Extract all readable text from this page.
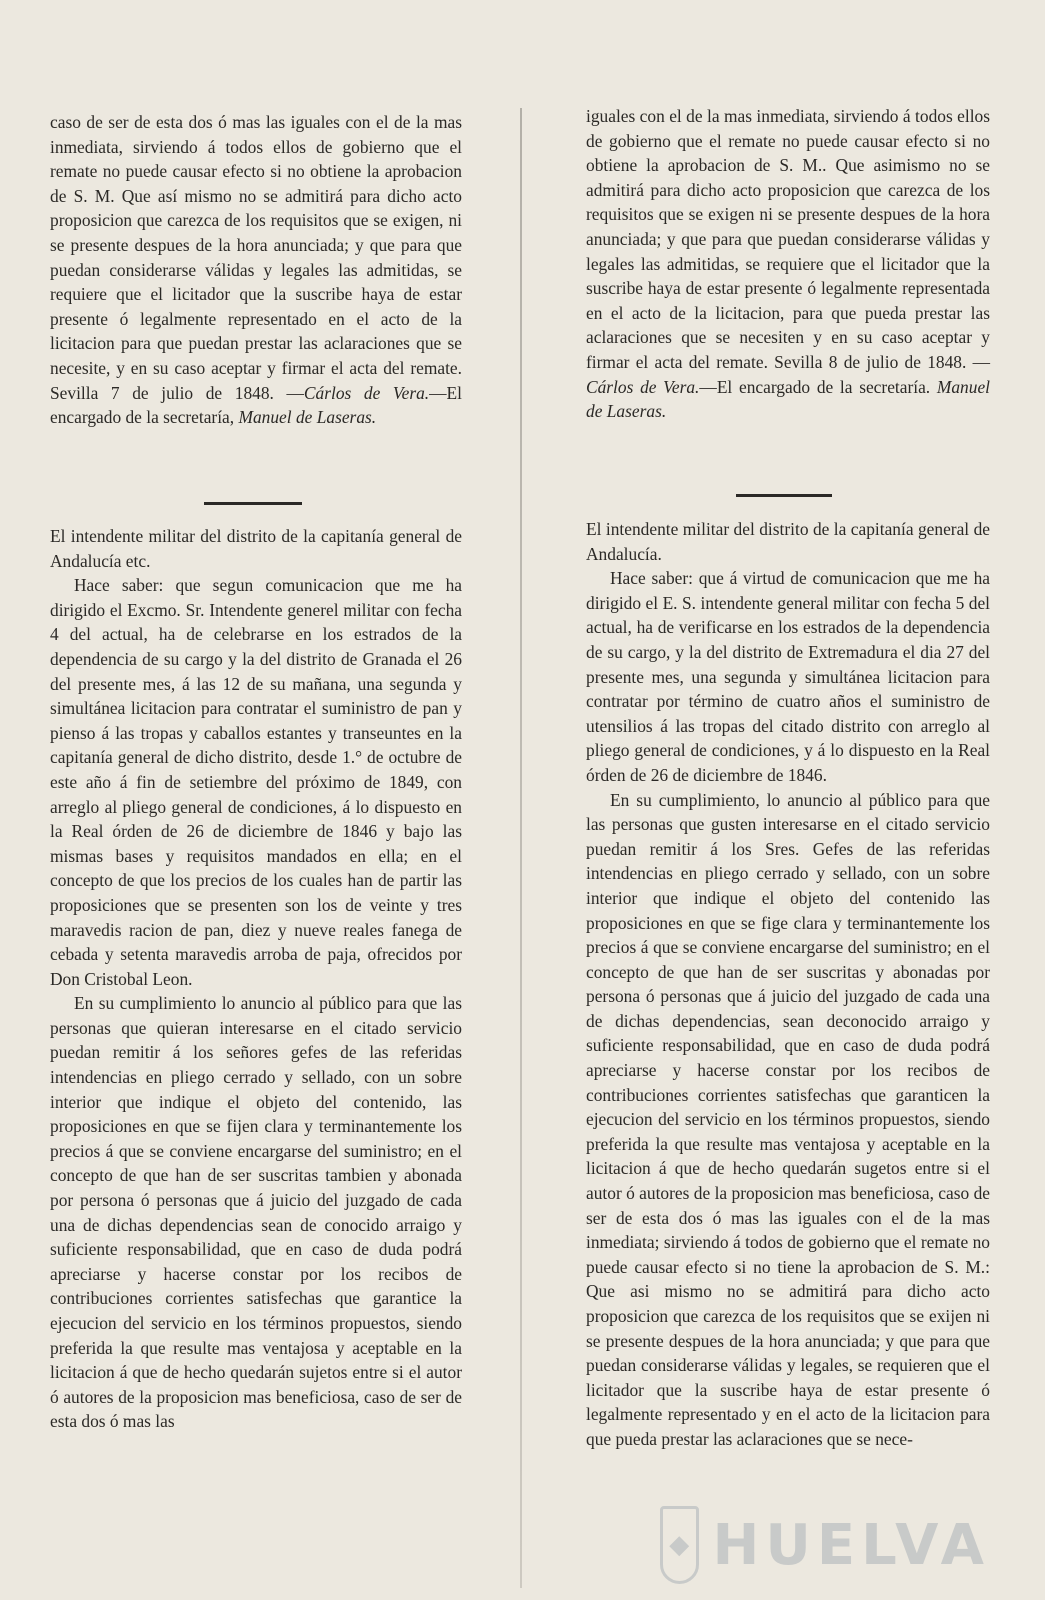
caso de ser de esta dos ó mas las iguales con el de la mas inmediata, sirviendo á todos ellos de gobierno que el remate no puede causar efecto si no obtiene la aprobacion de S. M. Que así mismo no se admitirá para dicho acto proposicion que carezca de los requisitos que se exigen, ni se presente despues de la hora anunciada; y que para que puedan considerarse válidas y legales las admitidas, se requiere que el licitador que la suscribe haya de estar presente ó legalmente representado en el acto de la licitacion para que puedan prestar las aclaraciones que se necesite, y en su caso aceptar y firmar el acta del remate. Sevilla 7 de julio de 1848. —Cárlos de Vera.—El encargado de la secretaría, Manuel de Laseras.

El intendente militar del distrito de la capitanía general de Andalucía etc.

Hace saber: que segun comunicacion que me ha dirigido el Excmo. Sr. Intendente generel militar con fecha 4 del actual, ha de celebrarse en los estrados de la dependencia de su cargo y la del distrito de Granada el 26 del presente mes, á las 12 de su mañana, una segunda y simultánea licitacion para contratar el suministro de pan y pienso á las tropas y caballos estantes y transeuntes en la capitanía general de dicho distrito, desde 1.° de octubre de este año á fin de setiembre del próximo de 1849, con arreglo al pliego general de condiciones, á lo dispuesto en la Real órden de 26 de diciembre de 1846 y bajo las mismas bases y requisitos mandados en ella; en el concepto de que los precios de los cuales han de partir las proposiciones que se presenten son los de veinte y tres maravedis racion de pan, diez y nueve reales fanega de cebada y setenta maravedis arroba de paja, ofrecidos por Don Cristobal Leon.

En su cumplimiento lo anuncio al público para que las personas que quieran interesarse en el citado servicio puedan remitir á los señores gefes de las referidas intendencias en pliego cerrado y sellado, con un sobre interior que indique el objeto del contenido, las proposiciones en que se fijen clara y terminantemente los precios á que se conviene encargarse del suministro; en el concepto de que han de ser suscritas tambien y abonada por persona ó personas que á juicio del juzgado de cada una de dichas dependencias sean de conocido arraigo y suficiente responsabilidad, que en caso de duda podrá apreciarse y hacerse constar por los recibos de contribuciones corrientes satisfechas que garantice la ejecucion del servicio en los términos propuestos, siendo preferida la que resulte mas ventajosa y aceptable en la licitacion á que de hecho quedarán sujetos entre si el autor ó autores de la proposicion mas beneficiosa, caso de ser de esta dos ó mas las

iguales con el de la mas inmediata, sirviendo á todos ellos de gobierno que el remate no puede causar efecto si no obtiene la aprobacion de S. M.. Que asimismo no se admitirá para dicho acto proposicion que carezca de los requisitos que se exigen ni se presente despues de la hora anunciada; y que para que puedan considerarse válidas y legales las admitidas, se requiere que el licitador que la suscribe haya de estar presente ó legalmente representada en el acto de la licitacion, para que pueda prestar las aclaraciones que se necesiten y en su caso aceptar y firmar el acta del remate. Sevilla 8 de julio de 1848. —Cárlos de Vera.—El encargado de la secretaría. Manuel de Laseras.

El intendente militar del distrito de la capitanía general de Andalucía.

Hace saber: que á virtud de comunicacion que me ha dirigido el E. S. intendente general militar con fecha 5 del actual, ha de verificarse en los estrados de la dependencia de su cargo, y la del distrito de Extremadura el dia 27 del presente mes, una segunda y simultánea licitacion para contratar por término de cuatro años el suministro de utensilios á las tropas del citado distrito con arreglo al pliego general de condiciones, y á lo dispuesto en la Real órden de 26 de diciembre de 1846.

En su cumplimiento, lo anuncio al público para que las personas que gusten interesarse en el citado servicio puedan remitir á los Sres. Gefes de las referidas intendencias en pliego cerrado y sellado, con un sobre interior que indique el objeto del contenido las proposiciones en que se fige clara y terminantemente los precios á que se conviene encargarse del suministro; en el concepto de que han de ser suscritas y abonadas por persona ó personas que á juicio del juzgado de cada una de dichas dependencias, sean deconocido arraigo y suficiente responsabilidad, que en caso de duda podrá apreciarse y hacerse constar por los recibos de contribuciones corrientes satisfechas que garanticen la ejecucion del servicio en los términos propuestos, siendo preferida la que resulte mas ventajosa y aceptable en la licitacion á que de hecho quedarán sugetos entre si el autor ó autores de la proposicion mas beneficiosa, caso de ser de esta dos ó mas las iguales con el de la mas inmediata; sirviendo á todos de gobierno que el remate no puede causar efecto si no tiene la aprobacion de S. M.: Que asi mismo no se admitirá para dicho acto proposicion que carezca de los requisitos que se exijen ni se presente despues de la hora anunciada; y que para que puedan considerarse válidas y legales, se requieren que el licitador que la suscribe haya de estar presente ó legalmente representado y en el acto de la licitacion para que pueda prestar las aclaraciones que se nece-

◆ HUELVA
